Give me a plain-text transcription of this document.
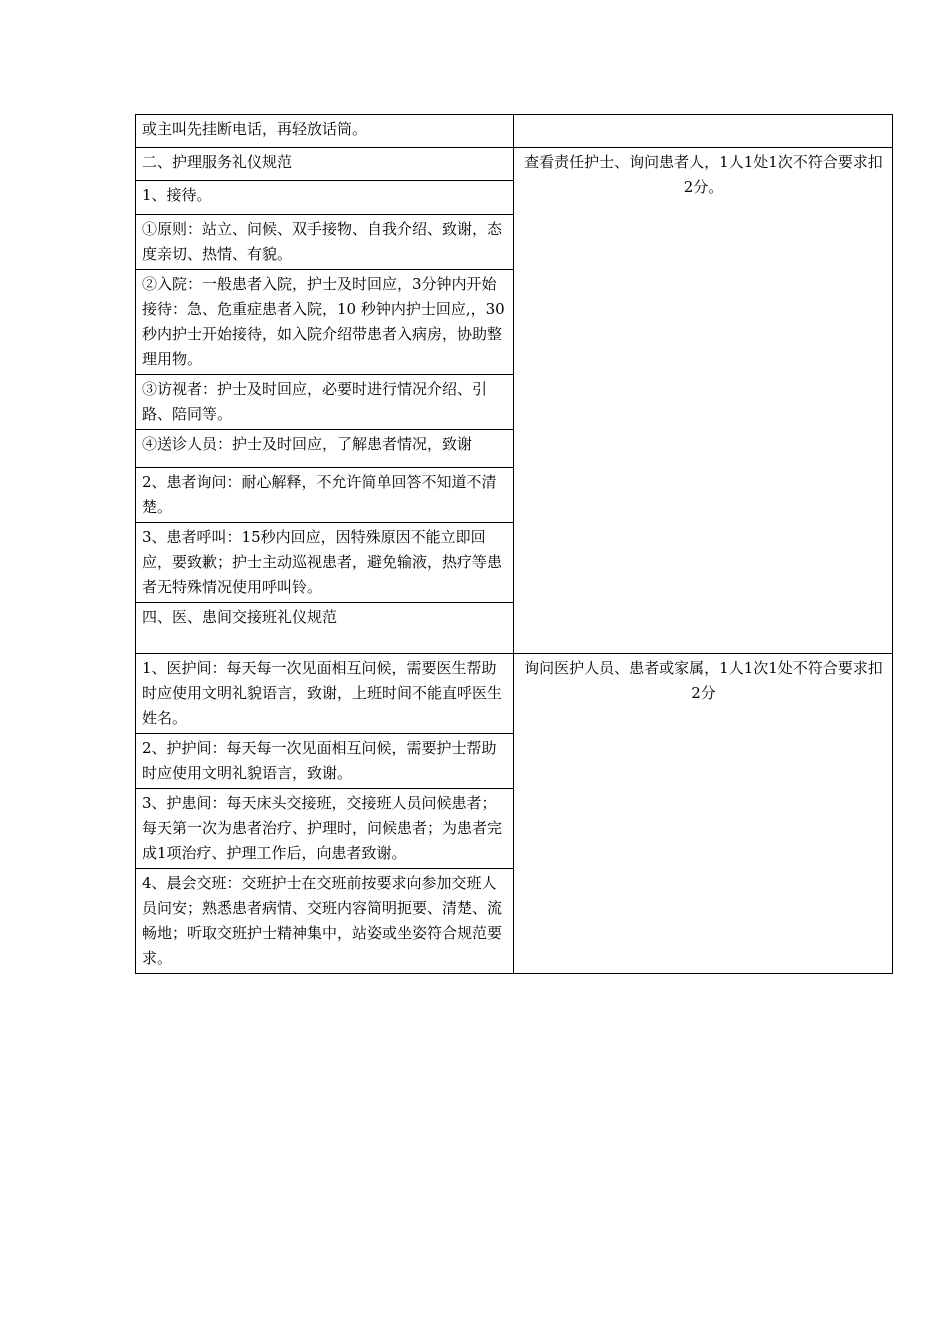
或主叫先挂断电话，再轻放话筒。	
二、护理服务礼仪规范	查看责任护士、询问患者人，1人1处1次不符合要求扣2分。
1、接待。	
①原则：站立、问候、双手接物、自我介绍、致谢，态度亲切、热情、有貌。	
②入院：一般患者入院，护士及时回应，3分钟内开始接待：急、危重症患者入院，10 秒钟内护士回应,，30秒内护士开始接待，如入院介绍带患者入病房，协助整理用物。	
③访视者：护士及时回应，必要时进行情况介绍、引路、陪同等。	
④送诊人员：护士及时回应，了解患者情况，致谢	
2、患者询问：耐心解释，不允许简单回答不知道不清楚。	
3、患者呼叫：15秒内回应，因特殊原因不能立即回应，要致歉；护士主动巡视患者，避免输液，热疗等患者无特殊情况使用呼叫铃。	
四、医、患间交接班礼仪规范	
1、医护间：每天每一次见面相互问候，需要医生帮助时应使用文明礼貌语言，致谢，上班时间不能直呼医生姓名。	询问医护人员、患者或家属，1人1次1处不符合要求扣2分
2、护护间：每天每一次见面相互问候，需要护士帮助时应使用文明礼貌语言，致谢。	
3、护患间：每天床头交接班，交接班人员问候患者；每天第一次为患者治疗、护理时，问候患者；为患者完成1项治疗、护理工作后，向患者致谢。	
4、晨会交班：交班护士在交班前按要求向参加交班人员问安；熟悉患者病情、交班内容简明扼要、清楚、流畅地；听取交班护士精神集中，站姿或坐姿符合规范要求。	
